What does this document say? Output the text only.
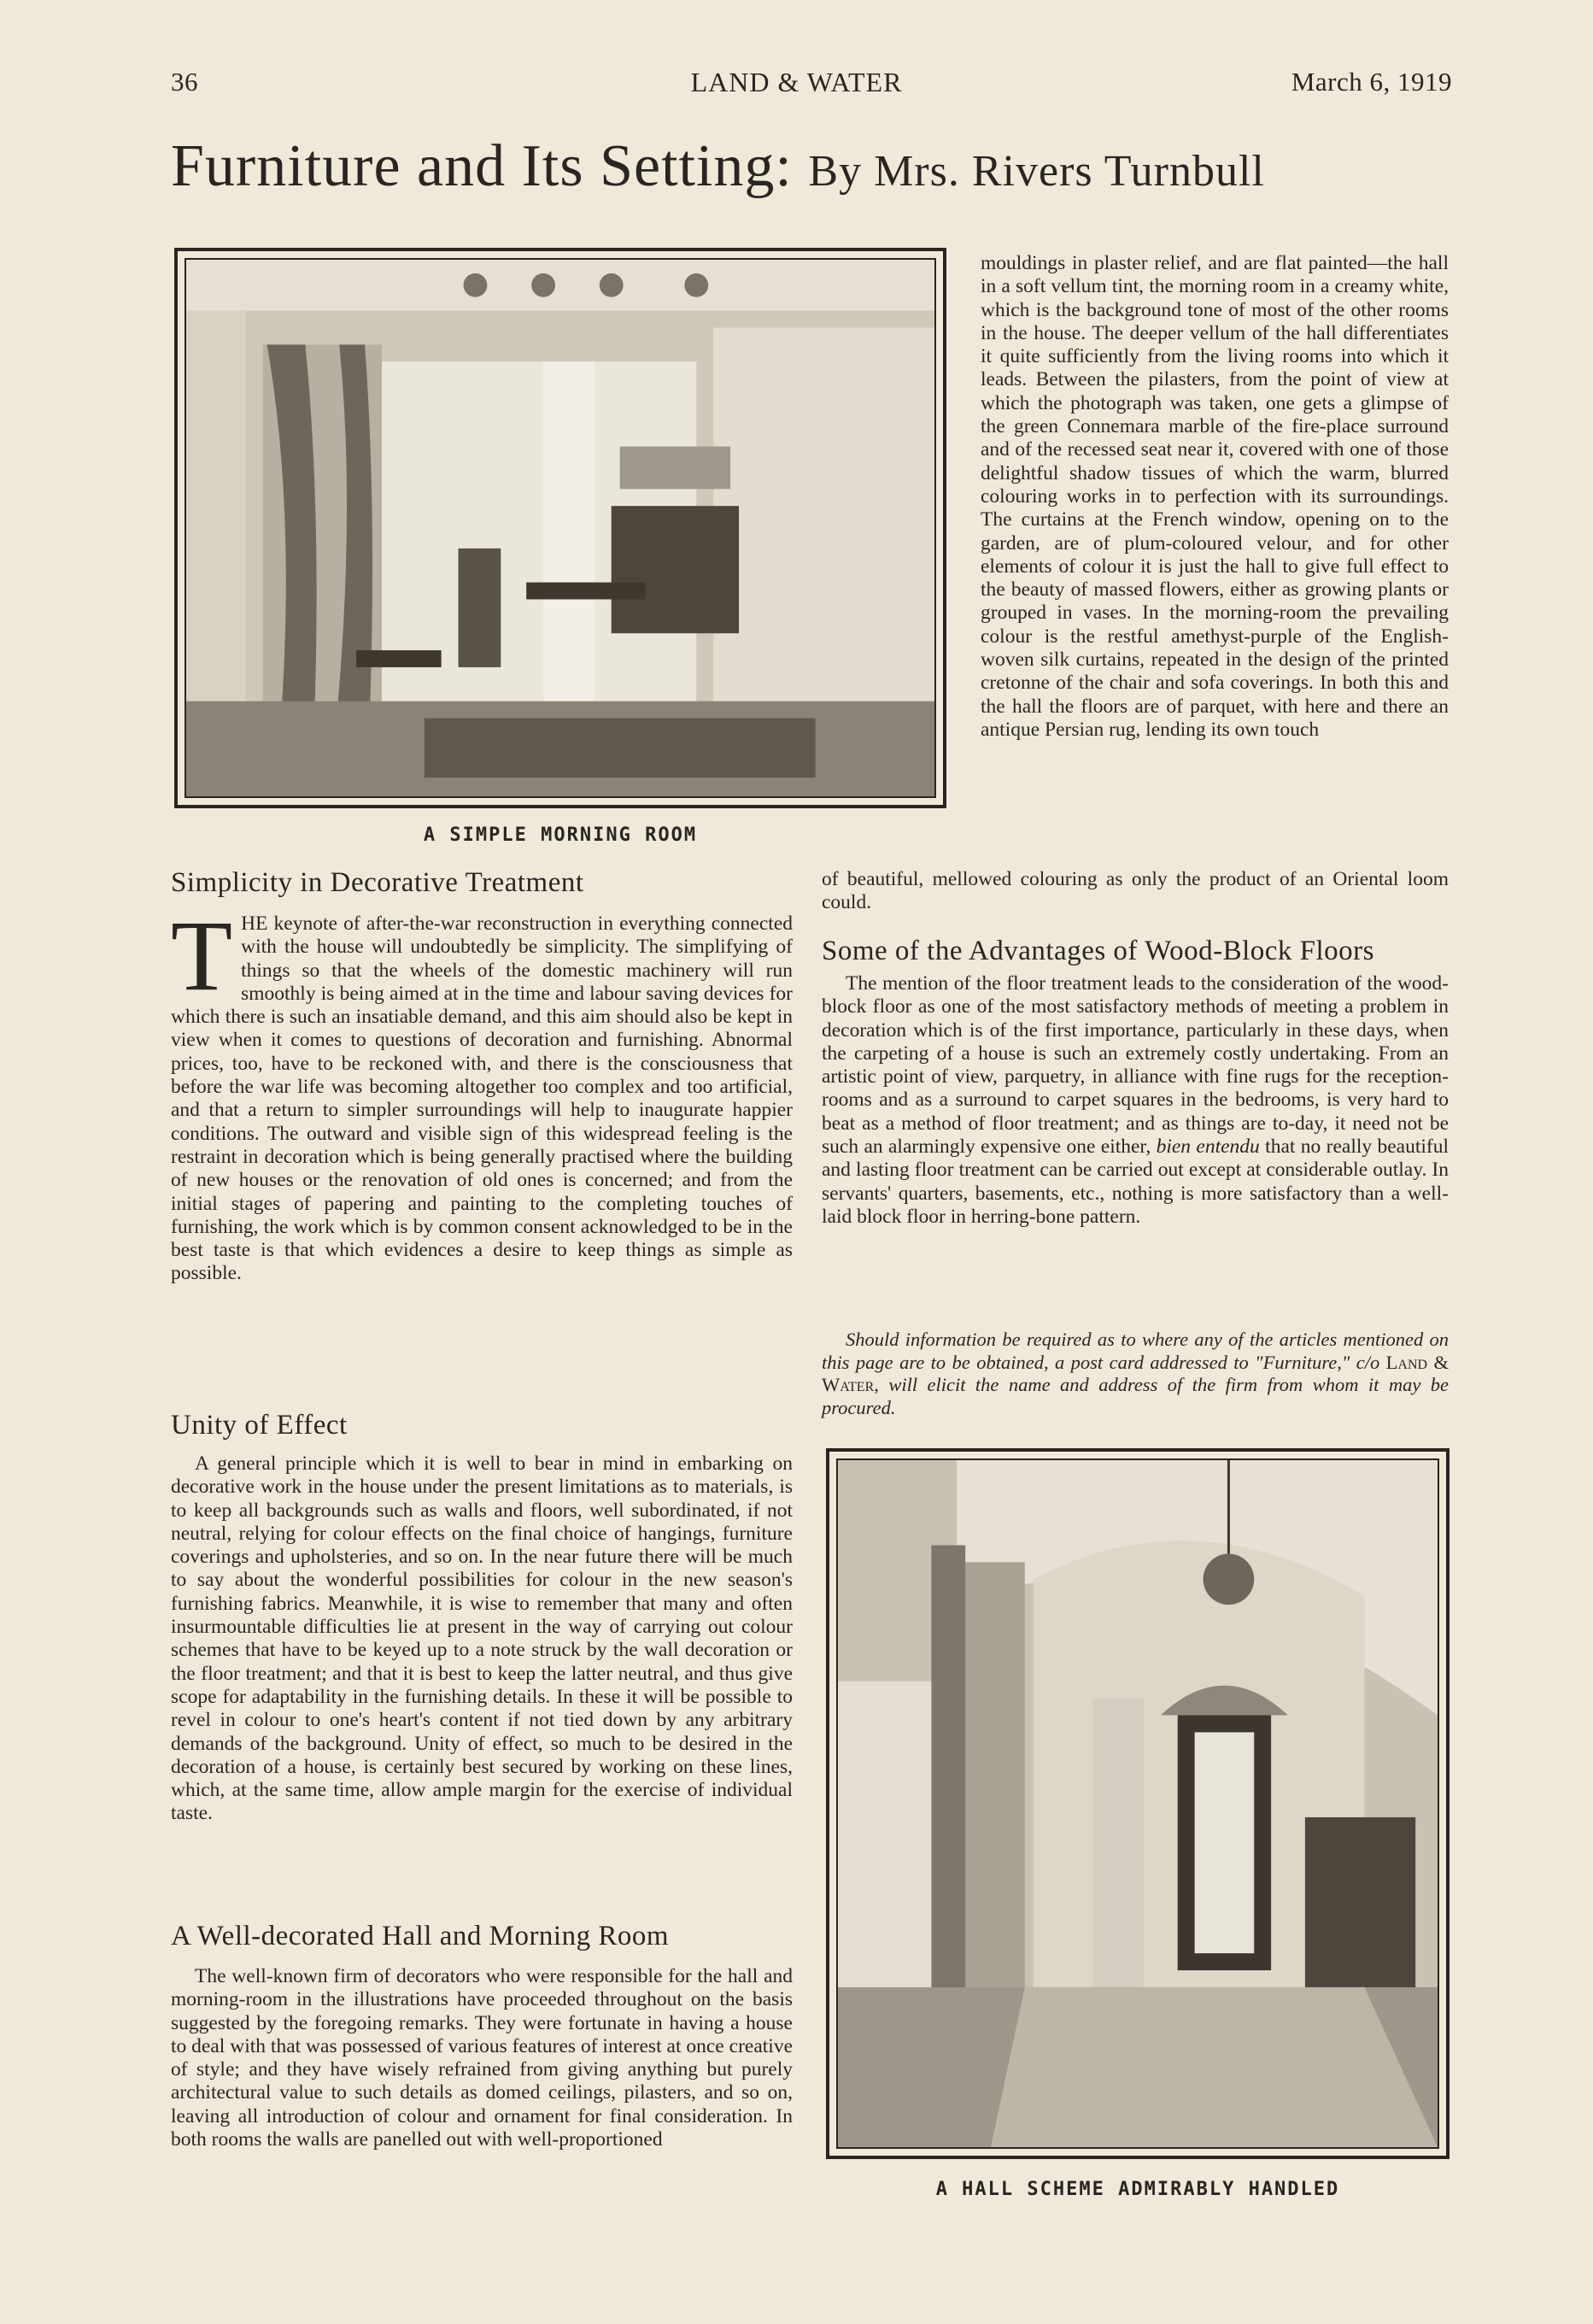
36	LAND & WATER	March 6, 1919
Furniture and Its Setting: By Mrs. Rivers Turnbull
A SIMPLE MORNING ROOM
Simplicity in Decorative Treatment
THE keynote of after-the-war reconstruction in everything connected with the house will undoubtedly be simplicity. The simplifying of things so that the wheels of the domestic machinery will run smoothly is being aimed at in the time and labour saving devices for which there is such an insatiable demand, and this aim should also be kept in view when it comes to questions of decoration and furnishing. Abnormal prices, too, have to be reckoned with, and there is the consciousness that before the war life was becoming altogether too complex and too artificial, and that a return to simpler surroundings will help to inaugurate happier conditions. The outward and visible sign of this widespread feeling is the restraint in decoration which is being generally practised where the building of new houses or the renovation of old ones is concerned; and from the initial stages of papering and painting to the completing touches of furnishing, the work which is by common consent acknowledged to be in the best taste is that which evidences a desire to keep things as simple as possible.
Unity of Effect

A general principle which it is well to bear in mind in embarking on decorative work in the house under the present limitations as to materials, is to keep all backgrounds such as walls and floors, well subordinated, if not neutral, relying for colour effects on the final choice of hangings, furniture coverings and upholsteries, and so on. In the near future there will be much to say about the wonderful possibilities for colour in the new season's furnishing fabrics. Meanwhile, it is wise to remember that many and often insurmountable difficulties lie at present in the way of carrying out colour schemes that have to be keyed up to a note struck by the wall decoration or the floor treatment; and that it is best to keep the latter neutral, and thus give scope for adaptability in the furnishing details. In these it will be possible to revel in colour to one's heart's content if not tied down by any arbitrary demands of the background. Unity of effect, so much to be desired in the decoration of a house, is certainly best secured by working on these lines, which, at the same time, allow ample margin for the exercise of individual taste.

A Well-decorated Hall and Morning Room

The well-known firm of decorators who were responsible for the hall and morning-room in the illustrations have proceeded throughout on the basis suggested by the foregoing remarks. They were fortunate in having a house to deal with that was possessed of various features of interest at once creative of style; and they have wisely refrained from giving anything but purely architectural value to such details as domed ceilings, pilasters, and so on, leaving all introduction of colour and ornament for final consideration. In both rooms the walls are panelled out with well-proportioned

mouldings in plaster relief, and are flat painted—the hall in a soft vellum tint, the morning room in a creamy white, which is the background tone of most of the other rooms in the house. The deeper vellum of the hall differentiates it quite sufficiently from the living rooms into which it leads. Between the pilasters, from the point of view at which the photograph was taken, one gets a glimpse of the green Connemara marble of the fire-place surround and of the recessed seat near it, covered with one of those delightful shadow tissues of which the warm, blurred colouring works in to perfection with its surroundings. The curtains at the French window, opening on to the garden, are of plum-coloured velour, and for other elements of colour it is just the hall to give full effect to the beauty of massed flowers, either as growing plants or grouped in vases. In the morning-room the prevailing colour is the restful amethyst-purple of the English-woven silk curtains, repeated in the design of the printed cretonne of the chair and sofa coverings. In both this and the hall the floors are of parquet, with here and there an antique Persian rug, lending its own touch

of beautiful, mellowed colouring as only the product of an Oriental loom could.

Some of the Advantages of Wood-Block Floors

The mention of the floor treatment leads to the consideration of the wood-block floor as one of the most satisfactory methods of meeting a problem in decoration which is of the first importance, particularly in these days, when the carpeting of a house is such an extremely costly undertaking. From an artistic point of view, parquetry, in alliance with fine rugs for the reception-rooms and as a surround to carpet squares in the bedrooms, is very hard to beat as a method of floor treatment; and as things are to-day, it need not be such an alarmingly expensive one either, bien entendu that no really beautiful and lasting floor treatment can be carried out except at considerable outlay. In servants' quarters, basements, etc., nothing is more satisfactory than a well-laid block floor in herring-bone pattern.

Should information be required as to where any of the articles mentioned on this page are to be obtained, a post card addressed to "Furniture," c/o Land & Water, will elicit the name and address of the firm from whom it may be procured.

A HALL SCHEME ADMIRABLY HANDLED
